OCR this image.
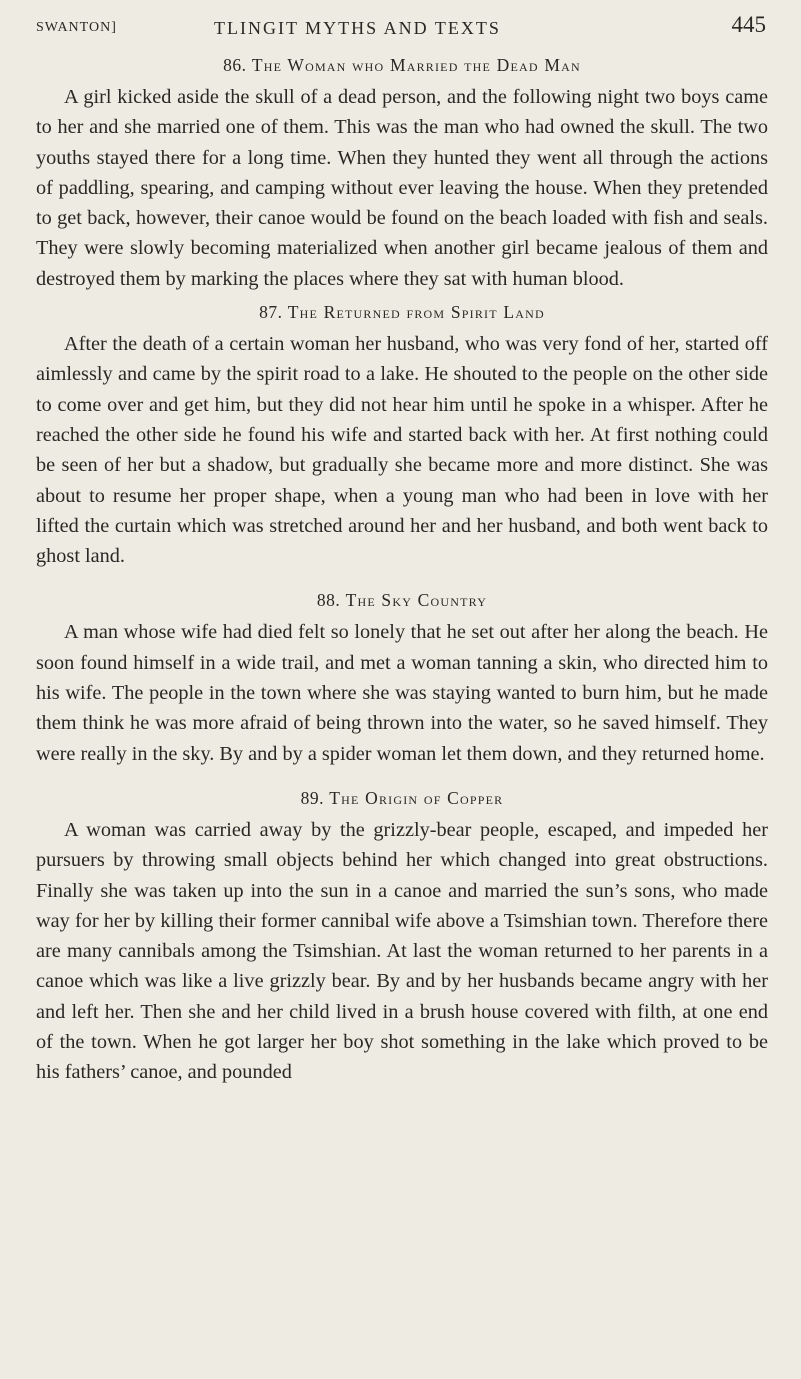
SWANTON]	TLINGIT MYTHS AND TEXTS	445
86. The Woman who Married the Dead Man

A girl kicked aside the skull of a dead person, and the following night two boys came to her and she married one of them. This was the man who had owned the skull. The two youths stayed there for a long time. When they hunted they went all through the actions of paddling, spearing, and camping without ever leaving the house. When they pretended to get back, however, their canoe would be found on the beach loaded with fish and seals. They were slowly becoming materialized when another girl became jealous of them and destroyed them by marking the places where they sat with human blood.

87. The Returned from Spirit Land

After the death of a certain woman her husband, who was very fond of her, started off aimlessly and came by the spirit road to a lake. He shouted to the people on the other side to come over and get him, but they did not hear him until he spoke in a whisper. After he reached the other side he found his wife and started back with her. At first nothing could be seen of her but a shadow, but gradually she became more and more distinct. She was about to resume her proper shape, when a young man who had been in love with her lifted the curtain which was stretched around her and her husband, and both went back to ghost land.

88. The Sky Country

A man whose wife had died felt so lonely that he set out after her along the beach. He soon found himself in a wide trail, and met a woman tanning a skin, who directed him to his wife. The people in the town where she was staying wanted to burn him, but he made them think he was more afraid of being thrown into the water, so he saved himself. They were really in the sky. By and by a spider woman let them down, and they returned home.

89. The Origin of Copper

A woman was carried away by the grizzly-bear people, escaped, and impeded her pursuers by throwing small objects behind her which changed into great obstructions. Finally she was taken up into the sun in a canoe and married the sun’s sons, who made way for her by killing their former cannibal wife above a Tsimshian town. Therefore there are many cannibals among the Tsimshian. At last the woman returned to her parents in a canoe which was like a live grizzly bear. By and by her husbands became angry with her and left her. Then she and her child lived in a brush house covered with filth, at one end of the town. When he got larger her boy shot something in the lake which proved to be his fathers’ canoe, and pounded
